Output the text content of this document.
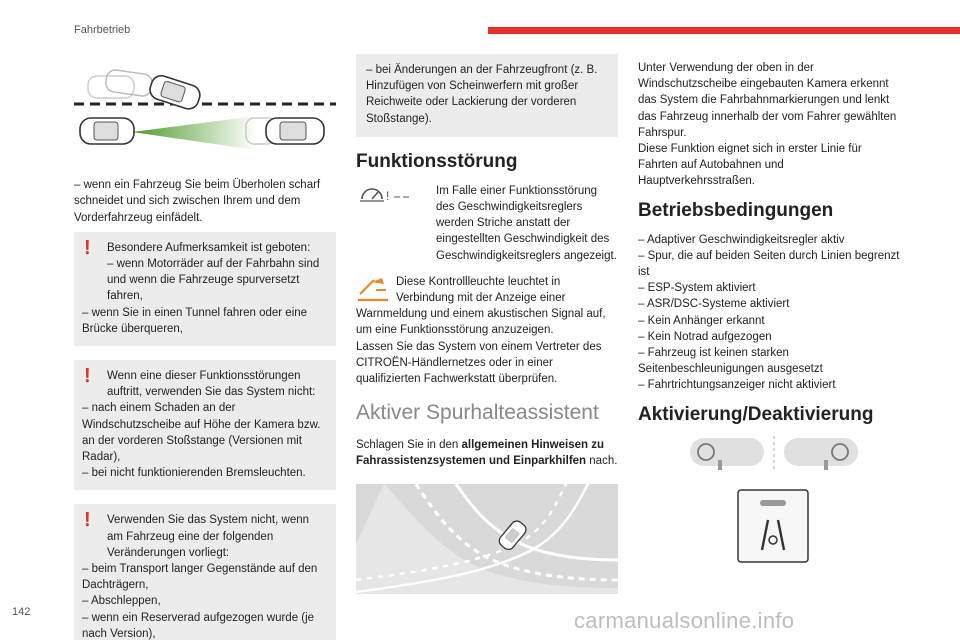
Fahrbetrieb
– wenn ein Fahrzeug Sie beim Überholen scharf schneidet und sich zwischen Ihrem und dem Vorderfahrzeug einfädelt.
!	Besondere Aufmerksamkeit ist geboten:
– wenn Motorräder auf der Fahrbahn sind und wenn die Fahrzeuge spurversetzt fahren,
– wenn Sie in einen Tunnel fahren oder eine Brücke überqueren,
!	Wenn eine dieser Funktionsstörungen auftritt, verwenden Sie das System nicht:
– nach einem Schaden an der Windschutzscheibe auf Höhe der Kamera bzw. an der vorderen Stoßstange (Versionen mit Radar),
– bei nicht funktionierenden Bremsleuchten.
!	Verwenden Sie das System nicht, wenn am Fahrzeug eine der folgenden Veränderungen vorliegt:
– beim Transport langer Gegenstände auf den Dachträgern,
– Abschleppen,
– wenn ein Reserverad aufgezogen wurde (je nach Version),
– bei Änderungen an der Fahrzeugfront (z. B. Hinzufügen von Scheinwerfern mit großer Reichweite oder Lackierung der vorderen Stoßstange).
Funktionsstörung
!	Im Falle einer Funktionsstörung des Geschwindigkeitsreglers werden Striche anstatt der eingestellten Geschwindigkeit des Geschwindigkeitsreglers angezeigt.
Diese Kontrollleuchte leuchtet in Verbindung mit der Anzeige einer Warnmeldung und einem akustischen Signal auf, um eine Funktionsstörung anzuzeigen.
Lassen Sie das System von einem Vertreter des CITROËN-Händlernetzes oder in einer qualifizierten Fachwerkstatt überprüfen.
Aktiver Spurhalteassistent
Schlagen Sie in den allgemeinen Hinweisen zu Fahrassistenzsystemen und Einparkhilfen nach.
Unter Verwendung der oben in der Windschutzscheibe eingebauten Kamera erkennt das System die Fahrbahnmarkierungen und lenkt das Fahrzeug innerhalb der vom Fahrer gewählten Fahrspur.
Diese Funktion eignet sich in erster Linie für Fahrten auf Autobahnen und Hauptverkehrsstraßen.
Betriebsbedingungen
– Adaptiver Geschwindigkeitsregler aktiv
– Spur, die auf beiden Seiten durch Linien begrenzt ist
– ESP-System aktiviert
– ASR/DSC-Systeme aktiviert
– Kein Anhänger erkannt
– Kein Notrad aufgezogen
– Fahrzeug ist keinen starken Seitenbeschleunigungen ausgesetzt
– Fahrtrichtungsanzeiger nicht aktiviert
Aktivierung/Deaktivierung
142	carmanualsonline.info
